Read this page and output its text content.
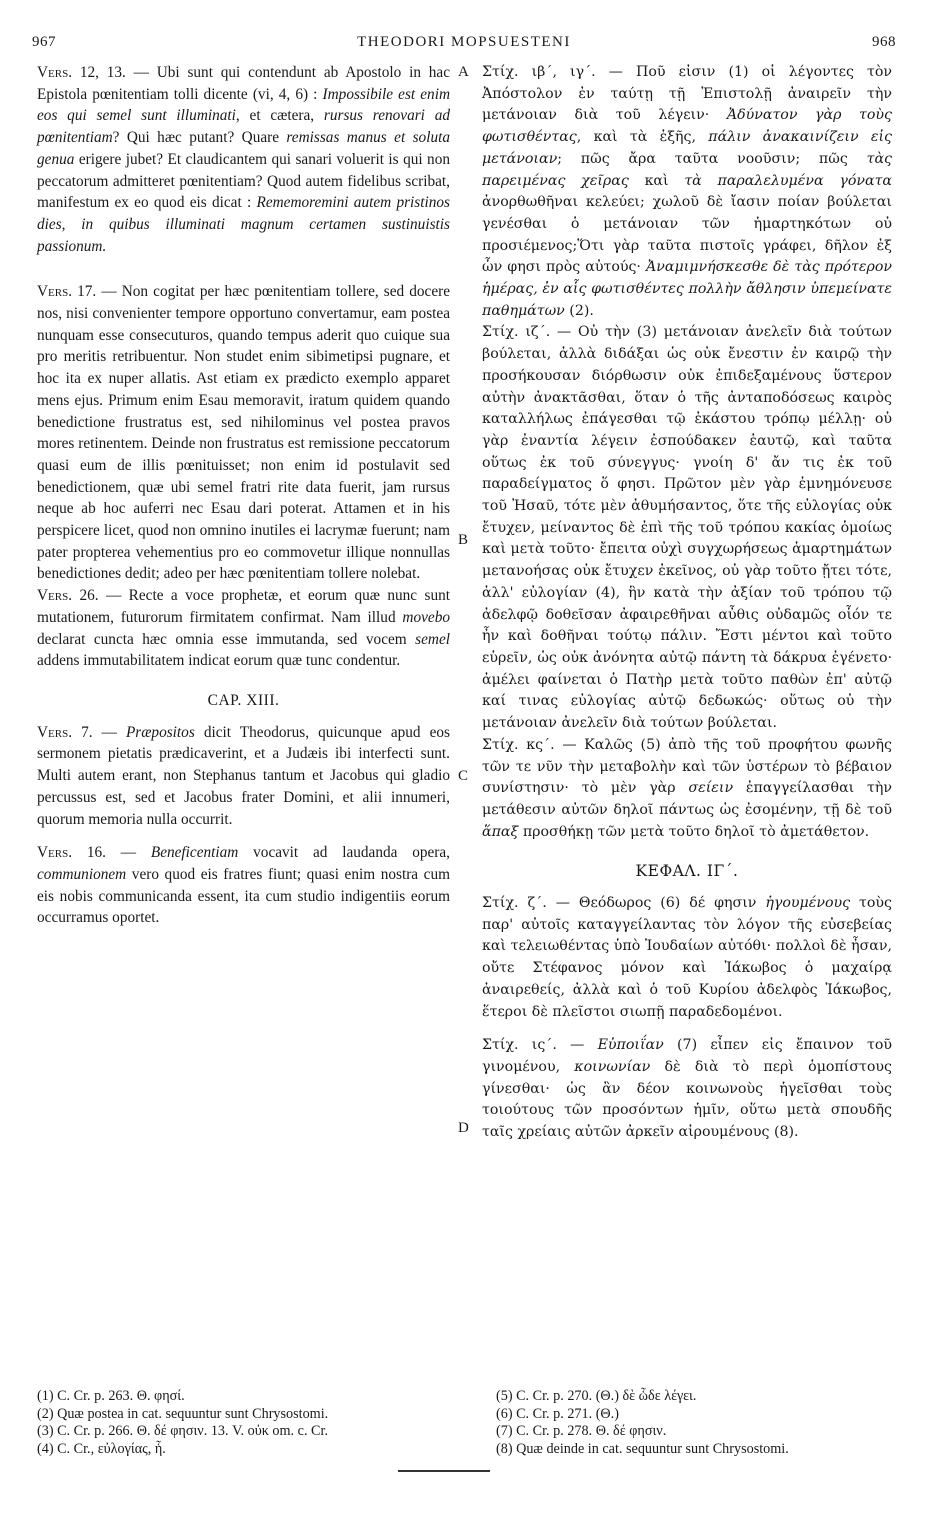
967	THEODORI MOPSUESTENI	968
A
B
C
D

Vers. 12, 13. — Ubi sunt qui contendunt ab Apostolo in hac Epistola pœnitentiam tolli dicente (vi, 4, 6) : Impossibile est enim eos qui semel sunt illuminati, et cætera, rursus renovari ad pœnitentiam? Qui hæc putant? Quare remissas manus et soluta genua erigere jubet? Et claudicantem qui sanari voluerit is qui non peccatorum admitteret pœnitentiam? Quod autem fidelibus scribat, manifestum ex eo quod eis dicat : Rememoremini autem pristinos dies, in quibus illuminati magnum certamen sustinuistis passionum.

Vers. 17. — Non cogitat per hæc pœnitentiam tollere, sed docere nos, nisi convenienter tempore opportuno convertamur, eam postea nunquam esse consecuturos, quando tempus aderit quo cuique sua pro meritis retribuentur. Non studet enim sibimetipsi pugnare, et hoc ita ex nuper allatis. Ast etiam ex prædicto exemplo apparet mens ejus. Primum enim Esau memoravit, iratum quidem quando benedictione frustratus est, sed nihilominus vel postea pravos mores retinentem. Deinde non frustratus est remissione peccatorum quasi eum de illis pœnituisset; non enim id postulavit sed benedictionem, quæ ubi semel fratri rite data fuerit, jam rursus neque ab hoc auferri nec Esau dari poterat. Attamen et in his perspicere licet, quod non omnino inutiles ei lacrymæ fuerunt; nam pater propterea vehementius pro eo commovetur illique nonnullas benedictiones dedit; adeo per hæc pœnitentiam tollere nolebat.

Vers. 26. — Recte a voce prophetæ, et eorum quæ nunc sunt mutationem, futurorum firmitatem confirmat. Nam illud movebo declarat cuncta hæc omnia esse immutanda, sed vocem semel addens immutabilitatem indicat eorum quæ tunc condentur.

CAP. XIII.

Vers. 7. — Præpositos dicit Theodorus, quicunque apud eos sermonem pietatis prædicaverint, et a Judæis ibi interfecti sunt. Multi autem erant, non Stephanus tantum et Jacobus qui gladio percussus est, sed et Jacobus frater Domini, et alii innumeri, quorum memoria nulla occurrit.

Vers. 16. — Beneficentiam vocavit ad laudanda opera, communionem vero quod eis fratres fiunt; quasi enim nostra cum eis nobis communicanda essent, ita cum studio indigentiis eorum occurramus oportet.

Στίχ. ιβ΄, ιγ΄. — Ποῦ εἰσιν (1) οἱ λέγοντες τὸν Ἀπόστολον ἐν ταύτῃ τῇ Ἐπιστολῇ ἀναιρεῖν τὴν μετάνοιαν διὰ τοῦ λέγειν· Ἀδύνατον γὰρ τοὺς φωτισθέντας, καὶ τὰ ἑξῆς, πάλιν ἀνακαινίζειν εἰς μετάνοιαν; πῶς ἄρα ταῦτα νοοῦσιν; πῶς τὰς παρειμένας χεῖρας καὶ τὰ παραλελυμένα γόνατα ἀνορθωθῆναι κελεύει; χωλοῦ δὲ ἴασιν ποίαν βούλεται γενέσθαι ὁ μετάνοιαν τῶν ἡμαρτηκότων οὐ προσιέμενος;Ὅτι γὰρ ταῦτα πιστοῖς γράφει, δῆλον ἐξ ὧν φησι πρὸς αὐτούς· Ἀναμιμνήσκεσθε δὲ τὰς πρότερον ἡμέρας, ἐν αἷς φωτισθέντες πολλὴν ἄθλησιν ὑπεμείνατε παθημάτων (2).

Στίχ. ιζ΄. — Οὐ τὴν (3) μετάνοιαν ἀνελεῖν διὰ τούτων βούλεται, ἀλλὰ διδάξαι ὡς οὐκ ἔνεστιν ἐν καιρῷ τὴν προσήκουσαν διόρθωσιν οὐκ ἐπιδεξαμένους ὕστερον αὐτὴν ἀνακτᾶσθαι, ὅταν ὁ τῆς ἀνταποδόσεως καιρὸς καταλλήλως ἐπάγεσθαι τῷ ἑκάστου τρόπῳ μέλλῃ· οὐ γὰρ ἐναντία λέγειν ἐσπούδακεν ἑαυτῷ, καὶ ταῦτα οὕτως ἐκ τοῦ σύνεγγυς· γνοίη δ' ἄν τις ἐκ τοῦ παραδείγματος ὅ φησι. Πρῶτον μὲν γὰρ ἐμνημόνευσε τοῦ Ἠσαῦ, τότε μὲν ἀθυμήσαντος, ὅτε τῆς εὐλογίας οὐκ ἔτυχεν, μείναντος δὲ ἐπὶ τῆς τοῦ τρόπου κακίας ὁμοίως καὶ μετὰ τοῦτο· ἔπειτα οὐχὶ συγχωρήσεως ἁμαρτημάτων μετανοήσας οὐκ ἔτυχεν ἐκεῖνος, οὐ γὰρ τοῦτο ᾔτει τότε, ἀλλ' εὐλογίαν (4), ἣν κατὰ τὴν ἀξίαν τοῦ τρόπου τῷ ἀδελφῷ δοθεῖσαν ἀφαιρεθῆναι αὖθις οὐδαμῶς οἷόν τε ἦν καὶ δοθῆναι τούτῳ πάλιν. Ἔστι μέντοι καὶ τοῦτο εὑρεῖν, ὡς οὐκ ἀνόνητα αὐτῷ πάντη τὰ δάκρυα ἐγένετο· ἀμέλει φαίνεται ὁ Πατὴρ μετὰ τοῦτο παθὼν ἐπ' αὐτῷ καί τινας εὐλογίας αὐτῷ δεδωκώς· οὕτως οὐ τὴν μετάνοιαν ἀνελεῖν διὰ τούτων βούλεται.

Στίχ. κς΄. — Καλῶς (5) ἀπὸ τῆς τοῦ προφήτου φωνῆς τῶν τε νῦν τὴν μεταβολὴν καὶ τῶν ὑστέρων τὸ βέβαιον συνίστησιν· τὸ μὲν γὰρ σείειν ἐπαγγείλασθαι τὴν μετάθεσιν αὐτῶν δηλοῖ πάντως ὡς ἐσομένην, τῇ δὲ τοῦ ἅπαξ προσθήκῃ τῶν μετὰ τοῦτο δηλοῖ τὸ ἀμετάθετον.

ΚΕΦΑΛ. ΙΓ΄.

Στίχ. ζ΄. — Θεόδωρος (6) δέ φησιν ἡγουμένους τοὺς παρ' αὐτοῖς καταγγείλαντας τὸν λόγον τῆς εὐσεβείας καὶ τελειωθέντας ὑπὸ Ἰουδαίων αὐτόθι· πολλοὶ δὲ ἦσαν, οὔτε Στέφανος μόνον καὶ Ἰάκωβος ὁ μαχαίρᾳ ἀναιρεθείς, ἀλλὰ καὶ ὁ τοῦ Κυρίου ἀδελφὸς Ἰάκωβος, ἕτεροι δὲ πλεῖστοι σιωπῇ παραδεδομένοι.

Στίχ. ις΄. — Εὐποιΐαν (7) εἶπεν εἰς ἔπαινον τοῦ γινομένου, κοινωνίαν δὲ διὰ τὸ περὶ ὁμοπίστους γίνεσθαι· ὡς ἂν δέον κοινωνοὺς ἡγεῖσθαι τοὺς τοιούτους τῶν προσόντων ἡμῖν, οὕτω μετὰ σπουδῆς ταῖς χρείαις αὐτῶν ἀρκεῖν αἱρουμένους (8).

(1) C. Cr. p. 263. Θ. φησί.
(2) Quæ postea in cat. sequuntur sunt Chrysostomi.
(3) C. Cr. p. 266. Θ. δέ φησιν. 13. V. οὐκ om. c. Cr.
(4) C. Cr., εὐλογίας, ἧ.
(5) C. Cr. p. 270. (Θ.) δὲ ὧδε λέγει.
(6) C. Cr. p. 271. (Θ.)
(7) C. Cr. p. 278. Θ. δέ φησιν.
(8) Quæ deinde in cat. sequuntur sunt Chrysostomi.
